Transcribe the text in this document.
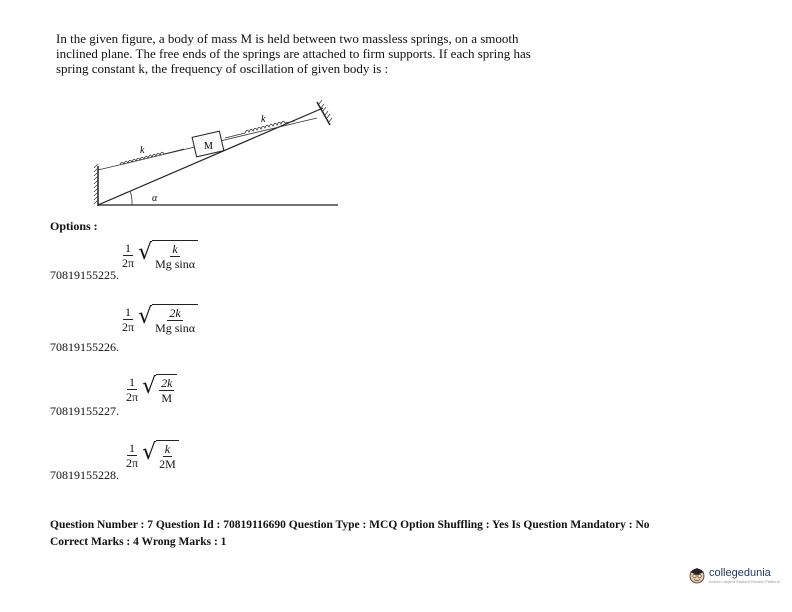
In the given figure, a body of mass M is held between two massless springs, on a smooth
inclined plane. The free ends of the springs are attached to firm supports. If each spring has
spring constant k, the frequency of oscillation of given body is :
M
k
k
α
Options :
$\frac{1}{2\pi}$
√ $\frac{k}{\text{Mg sinα}}$
70819155225.
$\frac{1}{2\pi}$
√ $\frac{2k}{\text{Mg sinα}}$
70819155226.
$\frac{1}{2\pi}$
√ $\frac{2k}{M}$
70819155227.
$\frac{1}{2\pi}$
√ $\frac{k}{2M}$
70819155228.
Question Number : 7 Question Id : 70819116690 Question Type : MCQ Option Shuffling : Yes Is Question Mandatory : No
Correct Marks : 4 Wrong Marks : 1
collegedunia
India's Largest Student Review Platform
